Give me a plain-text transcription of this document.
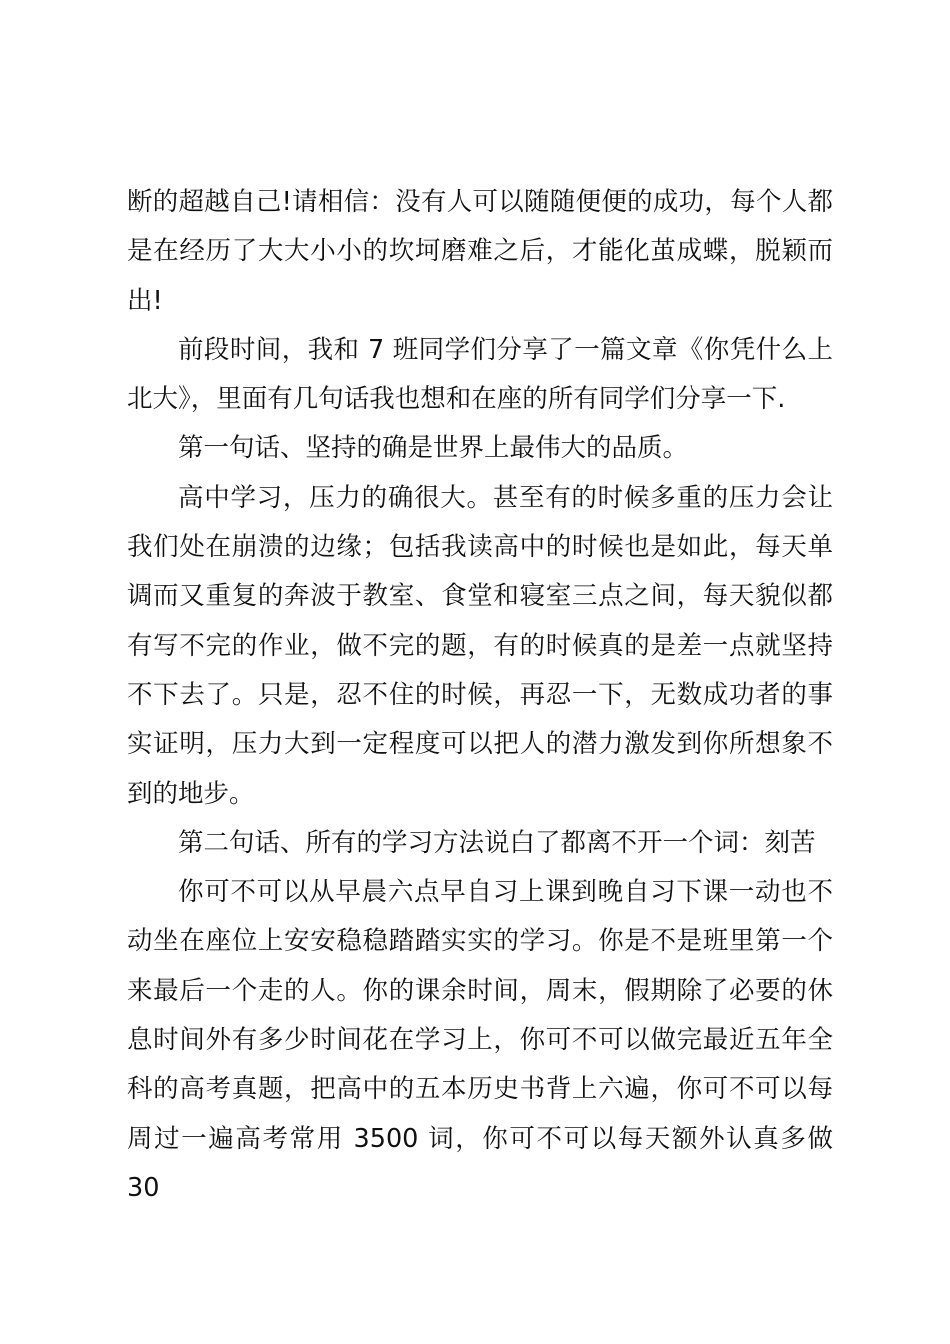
断的超越自己!请相信：没有人可以随随便便的成功，每个人都是在经历了大大小小的坎坷磨难之后，才能化茧成蝶，脱颖而出!

前段时间，我和 7 班同学们分享了一篇文章《你凭什么上北大》，里面有几句话我也想和在座的所有同学们分享一下.

第一句话、坚持的确是世界上最伟大的品质。

高中学习，压力的确很大。甚至有的时候多重的压力会让我们处在崩溃的边缘；包括我读高中的时候也是如此，每天单调而又重复的奔波于教室、食堂和寝室三点之间，每天貌似都有写不完的作业，做不完的题，有的时候真的是差一点就坚持不下去了。只是，忍不住的时候，再忍一下，无数成功者的事实证明，压力大到一定程度可以把人的潜力激发到你所想象不到的地步。

第二句话、所有的学习方法说白了都离不开一个词：刻苦

你可不可以从早晨六点早自习上课到晚自习下课一动也不动坐在座位上安安稳稳踏踏实实的学习。你是不是班里第一个来最后一个走的人。你的课余时间，周末，假期除了必要的休息时间外有多少时间花在学习上，你可不可以做完最近五年全科的高考真题，把高中的五本历史书背上六遍，你可不可以每周过一遍高考常用 3500 词，你可不可以每天额外认真多做 30
